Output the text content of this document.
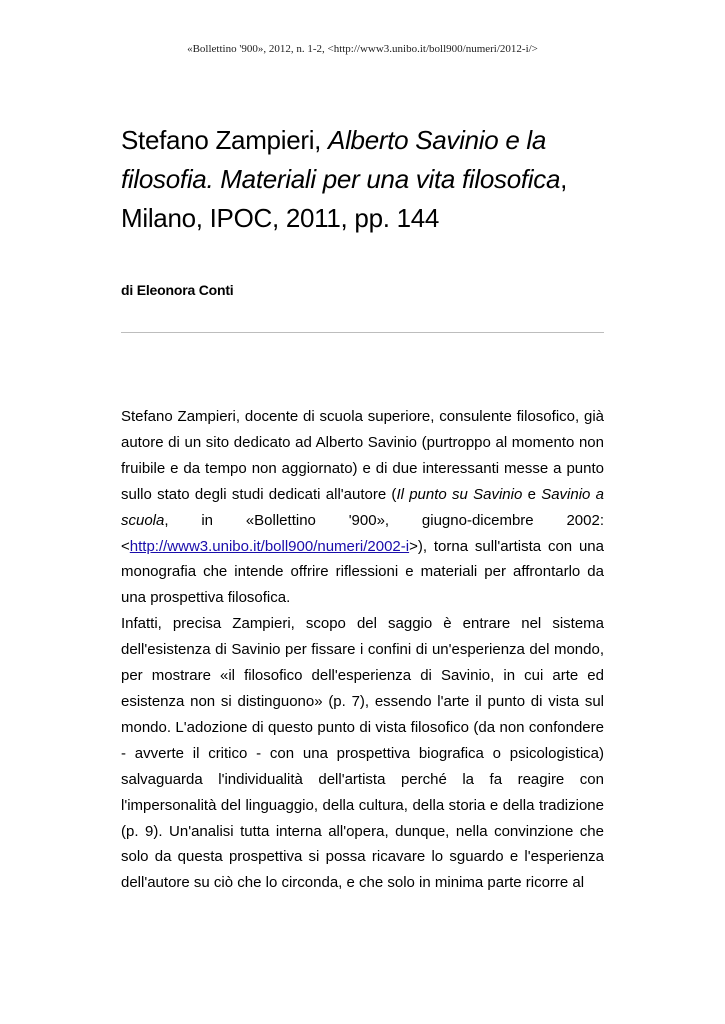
«Bollettino '900», 2012, n. 1-2, <http://www3.unibo.it/boll900/numeri/2012-i/>
Stefano Zampieri, Alberto Savinio e la filosofia. Materiali per una vita filosofica, Milano, IPOC, 2011, pp. 144
di Eleonora Conti

Stefano Zampieri, docente di scuola superiore, consulente filosofico, già autore di un sito dedicato ad Alberto Savinio (purtroppo al momento non fruibile e da tempo non aggiornato) e di due interessanti messe a punto sullo stato degli studi dedicati all'autore (Il punto su Savinio e Savinio a scuola, in «Bollettino '900», giugno-dicembre 2002: <http://www3.unibo.it/boll900/numeri/2002-i>), torna sull'artista con una monografia che intende offrire riflessioni e materiali per affrontarlo da una prospettiva filosofica.

Infatti, precisa Zampieri, scopo del saggio è entrare nel sistema dell'esistenza di Savinio per fissare i confini di un'esperienza del mondo, per mostrare «il filosofico dell'esperienza di Savinio, in cui arte ed esistenza non si distinguono» (p. 7), essendo l'arte il punto di vista sul mondo. L'adozione di questo punto di vista filosofico (da non confondere - avverte il critico - con una prospettiva biografica o psicologistica) salvaguarda l'individualità dell'artista perché la fa reagire con l'impersonalità del linguaggio, della cultura, della storia e della tradizione (p. 9). Un'analisi tutta interna all'opera, dunque, nella convinzione che solo da questa prospettiva si possa ricavare lo sguardo e l'esperienza dell'autore su ciò che lo circonda, e che solo in minima parte ricorre al
